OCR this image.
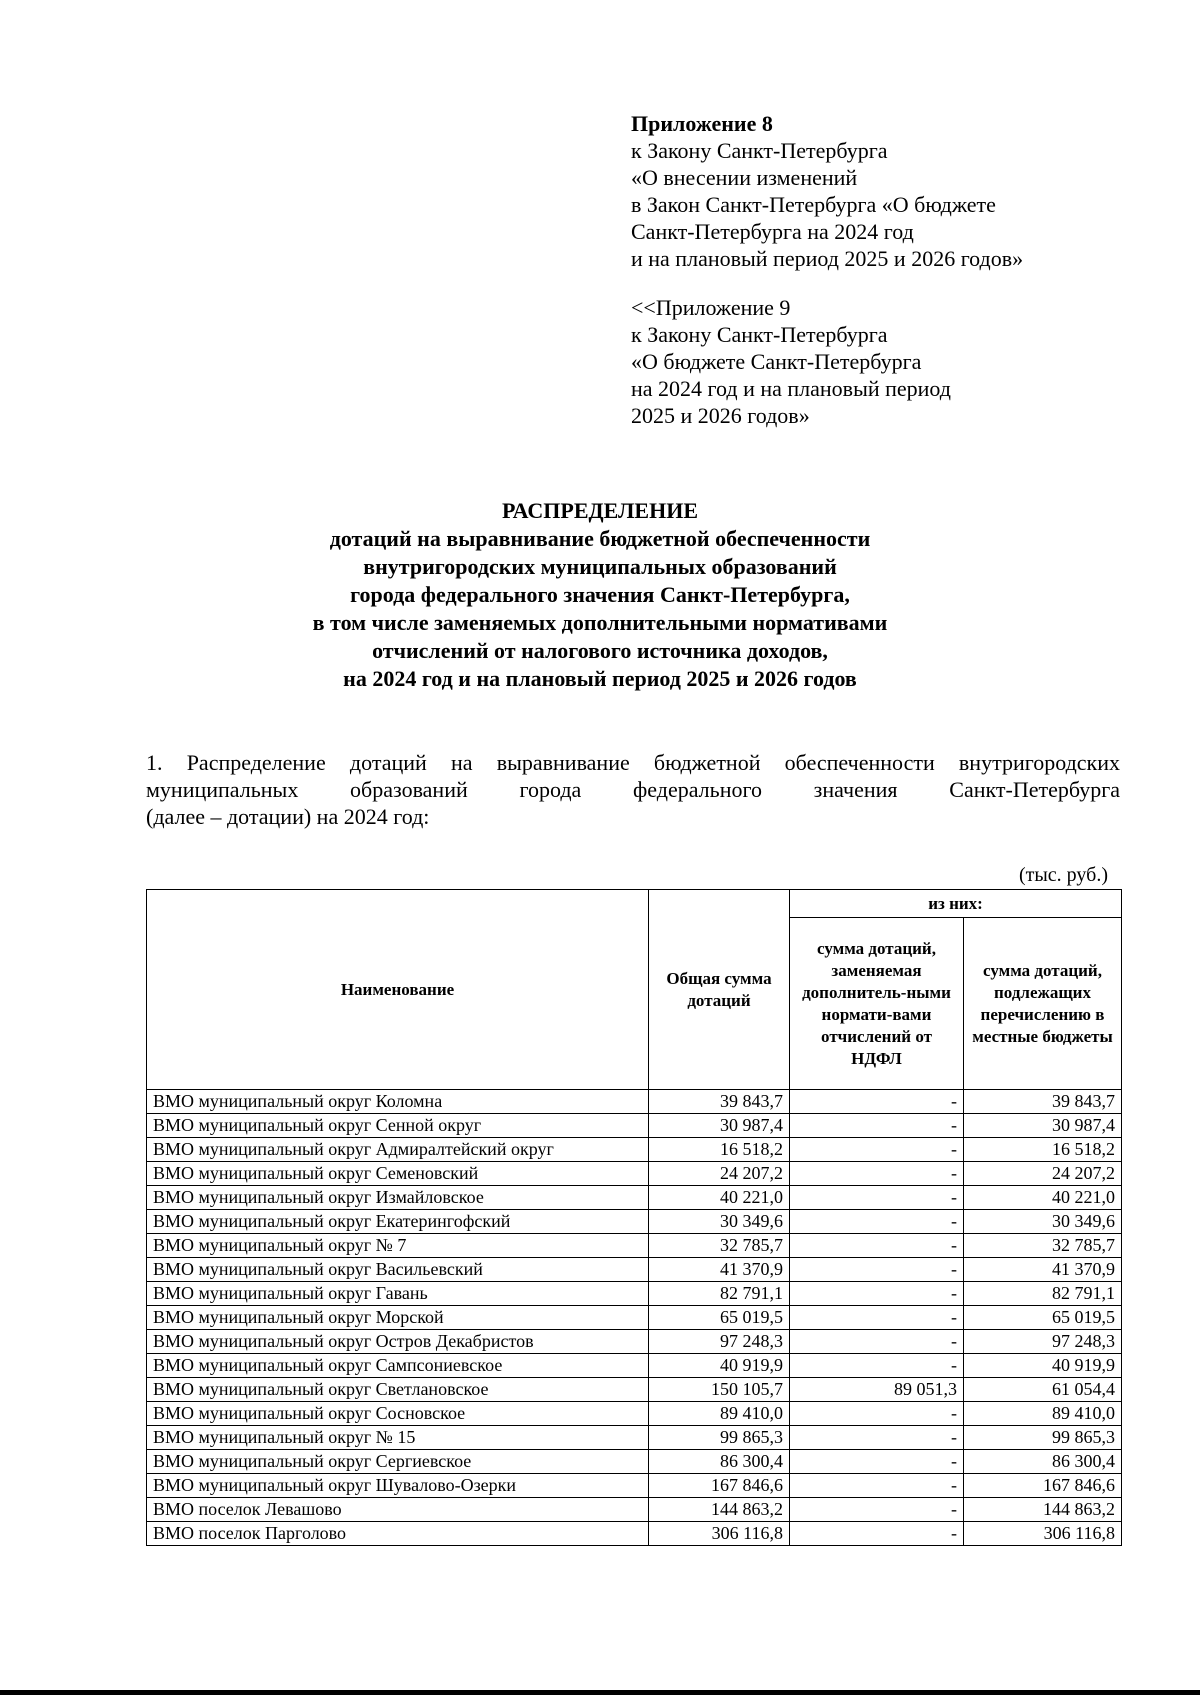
Приложение 8
к Закону Санкт-Петербурга
«О внесении изменений
в Закон Санкт-Петербурга «О бюджете
Санкт-Петербурга на 2024 год
и на плановый период 2025 и 2026 годов»
<<Приложение 9
к Закону Санкт-Петербурга
«О бюджете Санкт-Петербурга
на 2024 год и на плановый период
2025 и 2026 годов»
РАСПРЕДЕЛЕНИЕ
дотаций на выравнивание бюджетной обеспеченности
внутригородских муниципальных образований
города федерального значения Санкт-Петербурга,
в том числе заменяемых дополнительными нормативами
отчислений от налогового источника доходов,
на 2024 год и на плановый период 2025 и 2026 годов
1. Распределение дотаций на выравнивание бюджетной обеспеченности внутригородских
муниципальных образований города федерального значения Санкт-Петербурга
(далее – дотации) на 2024 год:
(тыс. руб.)
Наименование	Общая сумма дотаций	из них:	
		сумма дотаций, заменяемая дополнитель-ными нормати-вами отчислений от НДФЛ	сумма дотаций, подлежащих перечислению в местные бюджеты
ВМО муниципальный округ Коломна	39 843,7	-	39 843,7
ВМО муниципальный округ Сенной округ	30 987,4	-	30 987,4
ВМО муниципальный округ Адмиралтейский округ	16 518,2	-	16 518,2
ВМО муниципальный округ Семеновский	24 207,2	-	24 207,2
ВМО муниципальный округ Измайловское	40 221,0	-	40 221,0
ВМО муниципальный округ Екатерингофский	30 349,6	-	30 349,6
ВМО муниципальный округ № 7	32 785,7	-	32 785,7
ВМО муниципальный округ Васильевский	41 370,9	-	41 370,9
ВМО муниципальный округ Гавань	82 791,1	-	82 791,1
ВМО муниципальный округ Морской	65 019,5	-	65 019,5
ВМО муниципальный округ Остров Декабристов	97 248,3	-	97 248,3
ВМО муниципальный округ Сампсониевское	40 919,9	-	40 919,9
ВМО муниципальный округ Светлановское	150 105,7	89 051,3	61 054,4
ВМО муниципальный округ Сосновское	89 410,0	-	89 410,0
ВМО муниципальный округ № 15	99 865,3	-	99 865,3
ВМО муниципальный округ Сергиевское	86 300,4	-	86 300,4
ВМО муниципальный округ Шувалово-Озерки	167 846,6	-	167 846,6
ВМО поселок Левашово	144 863,2	-	144 863,2
ВМО поселок Парголово	306 116,8	-	306 116,8
